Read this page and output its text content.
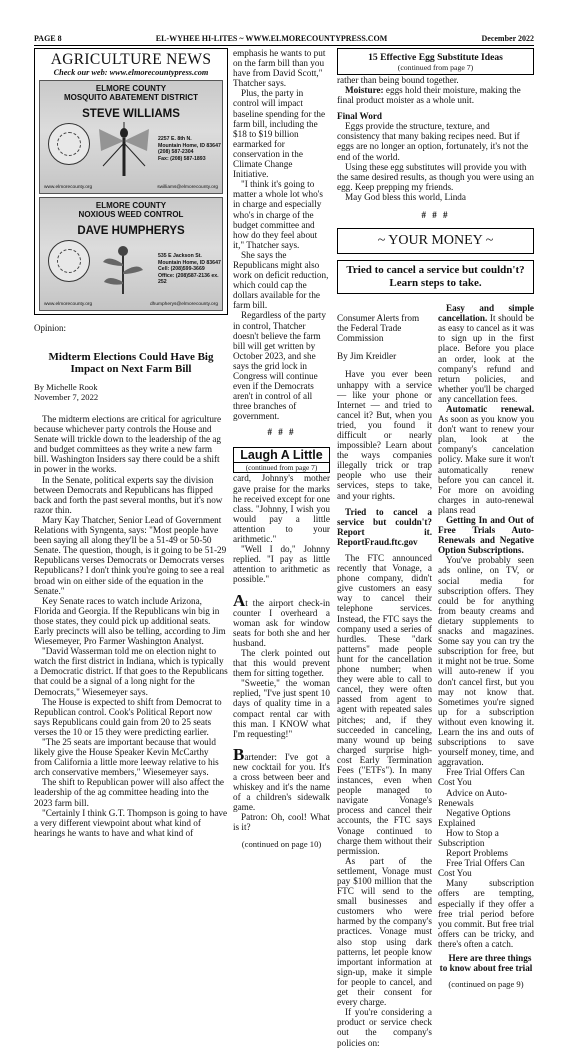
PAGE 8	EL-WYHEE HI-LITES ~ WWW.ELMORECOUNTYPRESS.COM	December 2022
AGRICULTURE NEWS
Check our web: www.elmorecountypress.com
ELMORE COUNTY
MOSQUITO ABATEMENT DISTRICT
STEVE WILLIAMS
2257 E. 8th N.
Mountain Home, ID 83647
(208) 587-2304
Fax: (208) 587-1893
www.elmorecounty.org	swilliams@elmorecounty.org
ELMORE COUNTY
NOXIOUS WEED CONTROL
DAVE HUMPHERYS
535 E Jackson St.
Mountain Home, ID 83647
Cell: (208)599-3669
Office: (208)587-2136 ex. 252
www.elmorecounty.org	dhumpherys@elmorecounty.org
Opinion:
Midterm Elections Could Have Big Impact on Next Farm Bill
By Michelle Rook
November 7, 2022

The midterm elections are critical for agriculture because whichever party controls the House and Senate will trickle down to the leadership of the ag and budget committees as they write a new farm bill. Washington Insiders say there could be a shift in power in the works.

In the Senate, political experts say the division between Democrats and Republicans has flipped back and forth the past several months, but it's now razor thin.

Mary Kay Thatcher, Senior Lead of Government Relations with Syngenta, says: "Most people have been saying all along they'll be a 51-49 or 50-50 Senate. The question, though, is it going to be 51-29 Republicans verses Democrats or Democrats verses Republicans? I don't think you're going to see a real broad win on either side of the equation in the Senate."

Key Senate races to watch include Arizona, Florida and Georgia. If the Republicans win big in those states, they could pick up additional seats. Early precincts will also be telling, according to Jim Wiesemeyer, Pro Farmer Washington Analyst.

"David Wasserman told me on election night to watch the first district in Indiana, which is typically a Democratic district. If that goes to the Republicans that could be a signal of a long night for the Democrats," Wiesemeyer says.

The House is expected to shift from Democrat to Republican control. Cook's Political Report now says Republicans could gain from 20 to 25 seats verses the 10 or 15 they were predicting earlier.

"The 25 seats are important because that would likely give the House Speaker Kevin McCarthy from California a little more leeway relative to his arch conservative members," Wiesemeyer says.

The shift to Republican power will also affect the leadership of the ag committee heading into the 2023 farm bill.

"Certainly I think G.T. Thompson is going to have a very different viewpoint about what kind of hearings he wants to have and what kind of

emphasis he wants to put on the farm bill than you have from David Scott," Thatcher says.

Plus, the party in control will impact baseline spending for the farm bill, including the $18 to $19 billion earmarked for conservation in the Climate Change Initiative.

"I think it's going to matter a whole lot who's in charge and especially who's in charge of the budget committee and how do they feel about it," Thatcher says.

She says the Republicans might also work on deficit reduction, which could cap the dollars available for the farm bill.

Regardless of the party in control, Thatcher doesn't believe the farm bill will get written by October 2023, and she says the grid lock in Congress will continue even if the Democrats aren't in control of all three branches of government.

# # #
Laugh A Little
(continued from page 7)

card, Johnny's mother gave praise for the marks he received except for one class. "Johnny, I wish you would pay a little attention to your arithmetic."

"Well I do," Johnny replied. "I pay as little attention to arithmetic as possible."

At the airport check-in counter I overheard a woman ask for window seats for both she and her husband.

The clerk pointed out that this would prevent them for sitting together.

"Sweetie," the woman replied, "I've just spent 10 days of quality time in a compact rental car with this man. I KNOW what I'm requesting!"

Bartender: I've got a new cocktail for you. It's a cross between beer and whiskey and it's the name of a children's sidewalk game.

Patron: Oh, cool! What is it?

(continued on page 10)
15 Effective Egg Substitute Ideas
(continued from page 7)

rather than being bound together.

Moisture: eggs hold their moisture, making the final product moister as a whole unit.

Final Word

Eggs provide the structure, texture, and consistency that many baking recipes need. But if eggs are no longer an option, fortunately, it's not the end of the world.

Using these egg substitutes will provide you with the same desired results, as though you were using an egg. Keep prepping my friends.

May God bless this world, Linda

# # #
~ YOUR MONEY ~
Tried to cancel a service but couldn't? Learn steps to take.

Consumer Alerts from the Federal Trade Commission

By Jim Kreidler

Have you ever been unhappy with a service — like your phone or Internet — and tried to cancel it? But, when you tried, you found it difficult or nearly impossible? Learn about the ways companies illegally trick or trap people who use their services, steps to take, and your rights.

Tried to cancel a service but couldn't? Report it. ReportFraud.ftc.gov

The FTC announced recently that Vonage, a phone company, didn't give customers an easy way to cancel their telephone services. Instead, the FTC says the company used a series of hurdles. These "dark patterns" made people hunt for the cancellation phone number; when they were able to call to cancel, they were often passed from agent to agent with repeated sales pitches; and, if they succeeded in canceling, many wound up being charged surprise high-cost Early Termination Fees ("ETFs"). In many instances, even when people managed to navigate Vonage's process and cancel their accounts, the FTC says Vonage continued to charge them without their permission.

As part of the settlement, Vonage must pay $100 million that the FTC will send to the small businesses and customers who were harmed by the company's practices. Vonage must also stop using dark patterns, let people know important information at sign-up, make it simple for people to cancel, and get their consent for every charge.

If you're considering a product or service check out the company's policies on:

Easy and simple cancellation. It should be as easy to cancel as it was to sign up in the first place. Before you place an order, look at the company's refund and return policies, and whether you'll be charged any cancellation fees.

Automatic renewal. As soon as you know you don't want to renew your plan, look at the company's cancelation policy. Make sure it won't automatically renew before you can cancel it. For more on avoiding charges in auto-renewal plans read

Getting In and Out of Free Trials Auto-Renewals and Negative Option Subscriptions.

You've probably seen ads online, on TV, or social media for subscription offers. They could be for anything from beauty creams and dietary supplements to snacks and magazines. Some say you can try the subscription for free, but it might not be true. Some will auto-renew if you don't cancel first, but you may not know that. Sometimes you're signed up for a subscription without even knowing it. Learn the ins and outs of subscriptions to save yourself money, time, and aggravation.

Free Trial Offers Can Cost You

Advice on Auto-Renewals

Negative Options Explained

How to Stop a Subscription

Report Problems

Free Trial Offers Can Cost You

Many subscription offers are tempting, especially if they offer a free trial period before you commit. But free trial offers can be tricky, and there's often a catch.

Here are three things to know about free trial

(continued on page 9)
